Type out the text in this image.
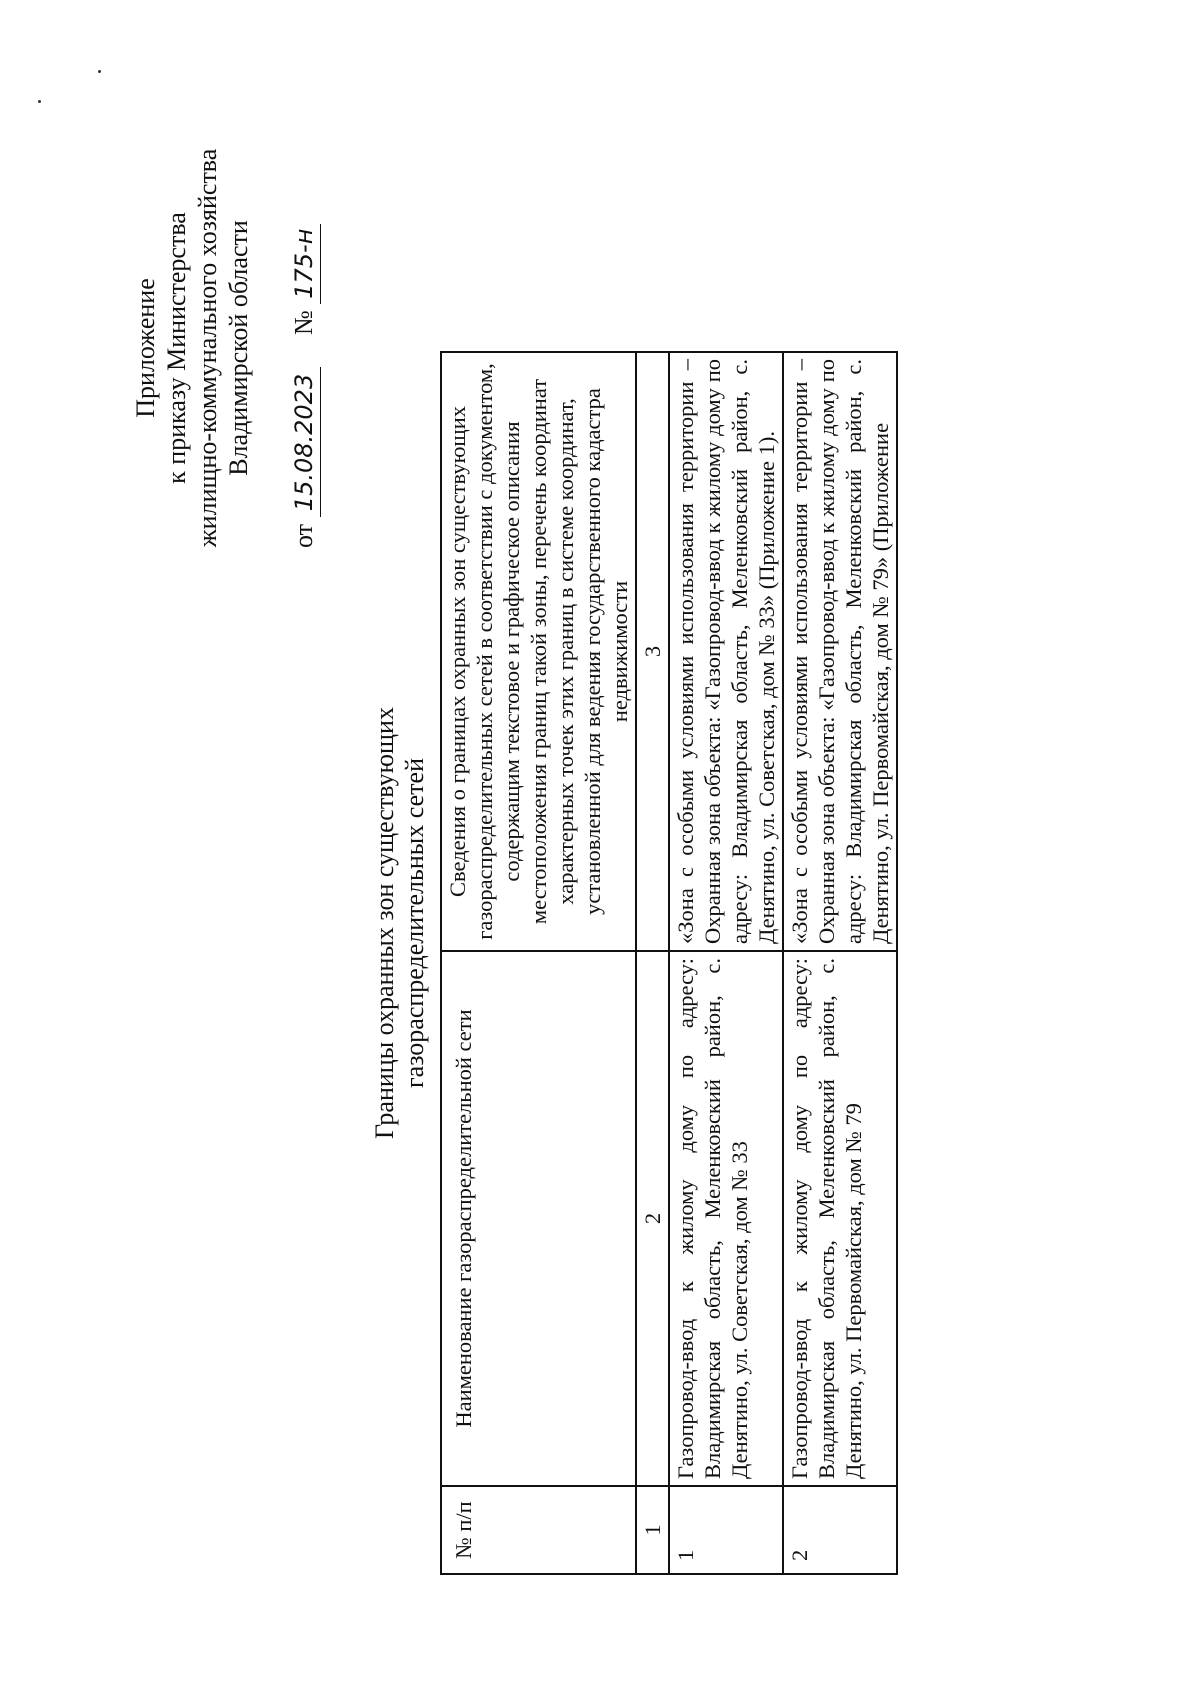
Приложение к приказу Министерства жилищно-коммунального хозяйства Владимирской области
от 15.08.2023     № 175-н
Границы охранных зон существующих газораспределительных сетей
№ п/п	Наименование газораспределительной сети	Сведения о границах охранных зон существующих газораспределительных сетей в соответствии с документом, содержащим текстовое и графическое описания местоположения границ такой зоны, перечень координат характерных точек этих границ в системе координат, установленной для ведения государственного кадастра недвижимости
1	2	3
1	Газопровод-ввод к жилому дому по адресу: Владимирская область, Меленковский район, с. Денятино, ул. Советская, дом № 33	«Зона с особыми условиями использования территории – Охранная зона объекта: «Газопровод-ввод к жилому дому по адресу: Владимирская область, Меленковский район, с. Денятино, ул. Советская, дом № 33» (Приложение 1).
2	Газопровод-ввод к жилому дому по адресу: Владимирская область, Меленковский район, с. Денятино, ул. Первомайская, дом № 79	«Зона с особыми условиями использования территории – Охранная зона объекта: «Газопровод-ввод к жилому дому по адресу: Владимирская область, Меленковский район, с. Денятино, ул. Первомайская, дом № 79» (Приложение
